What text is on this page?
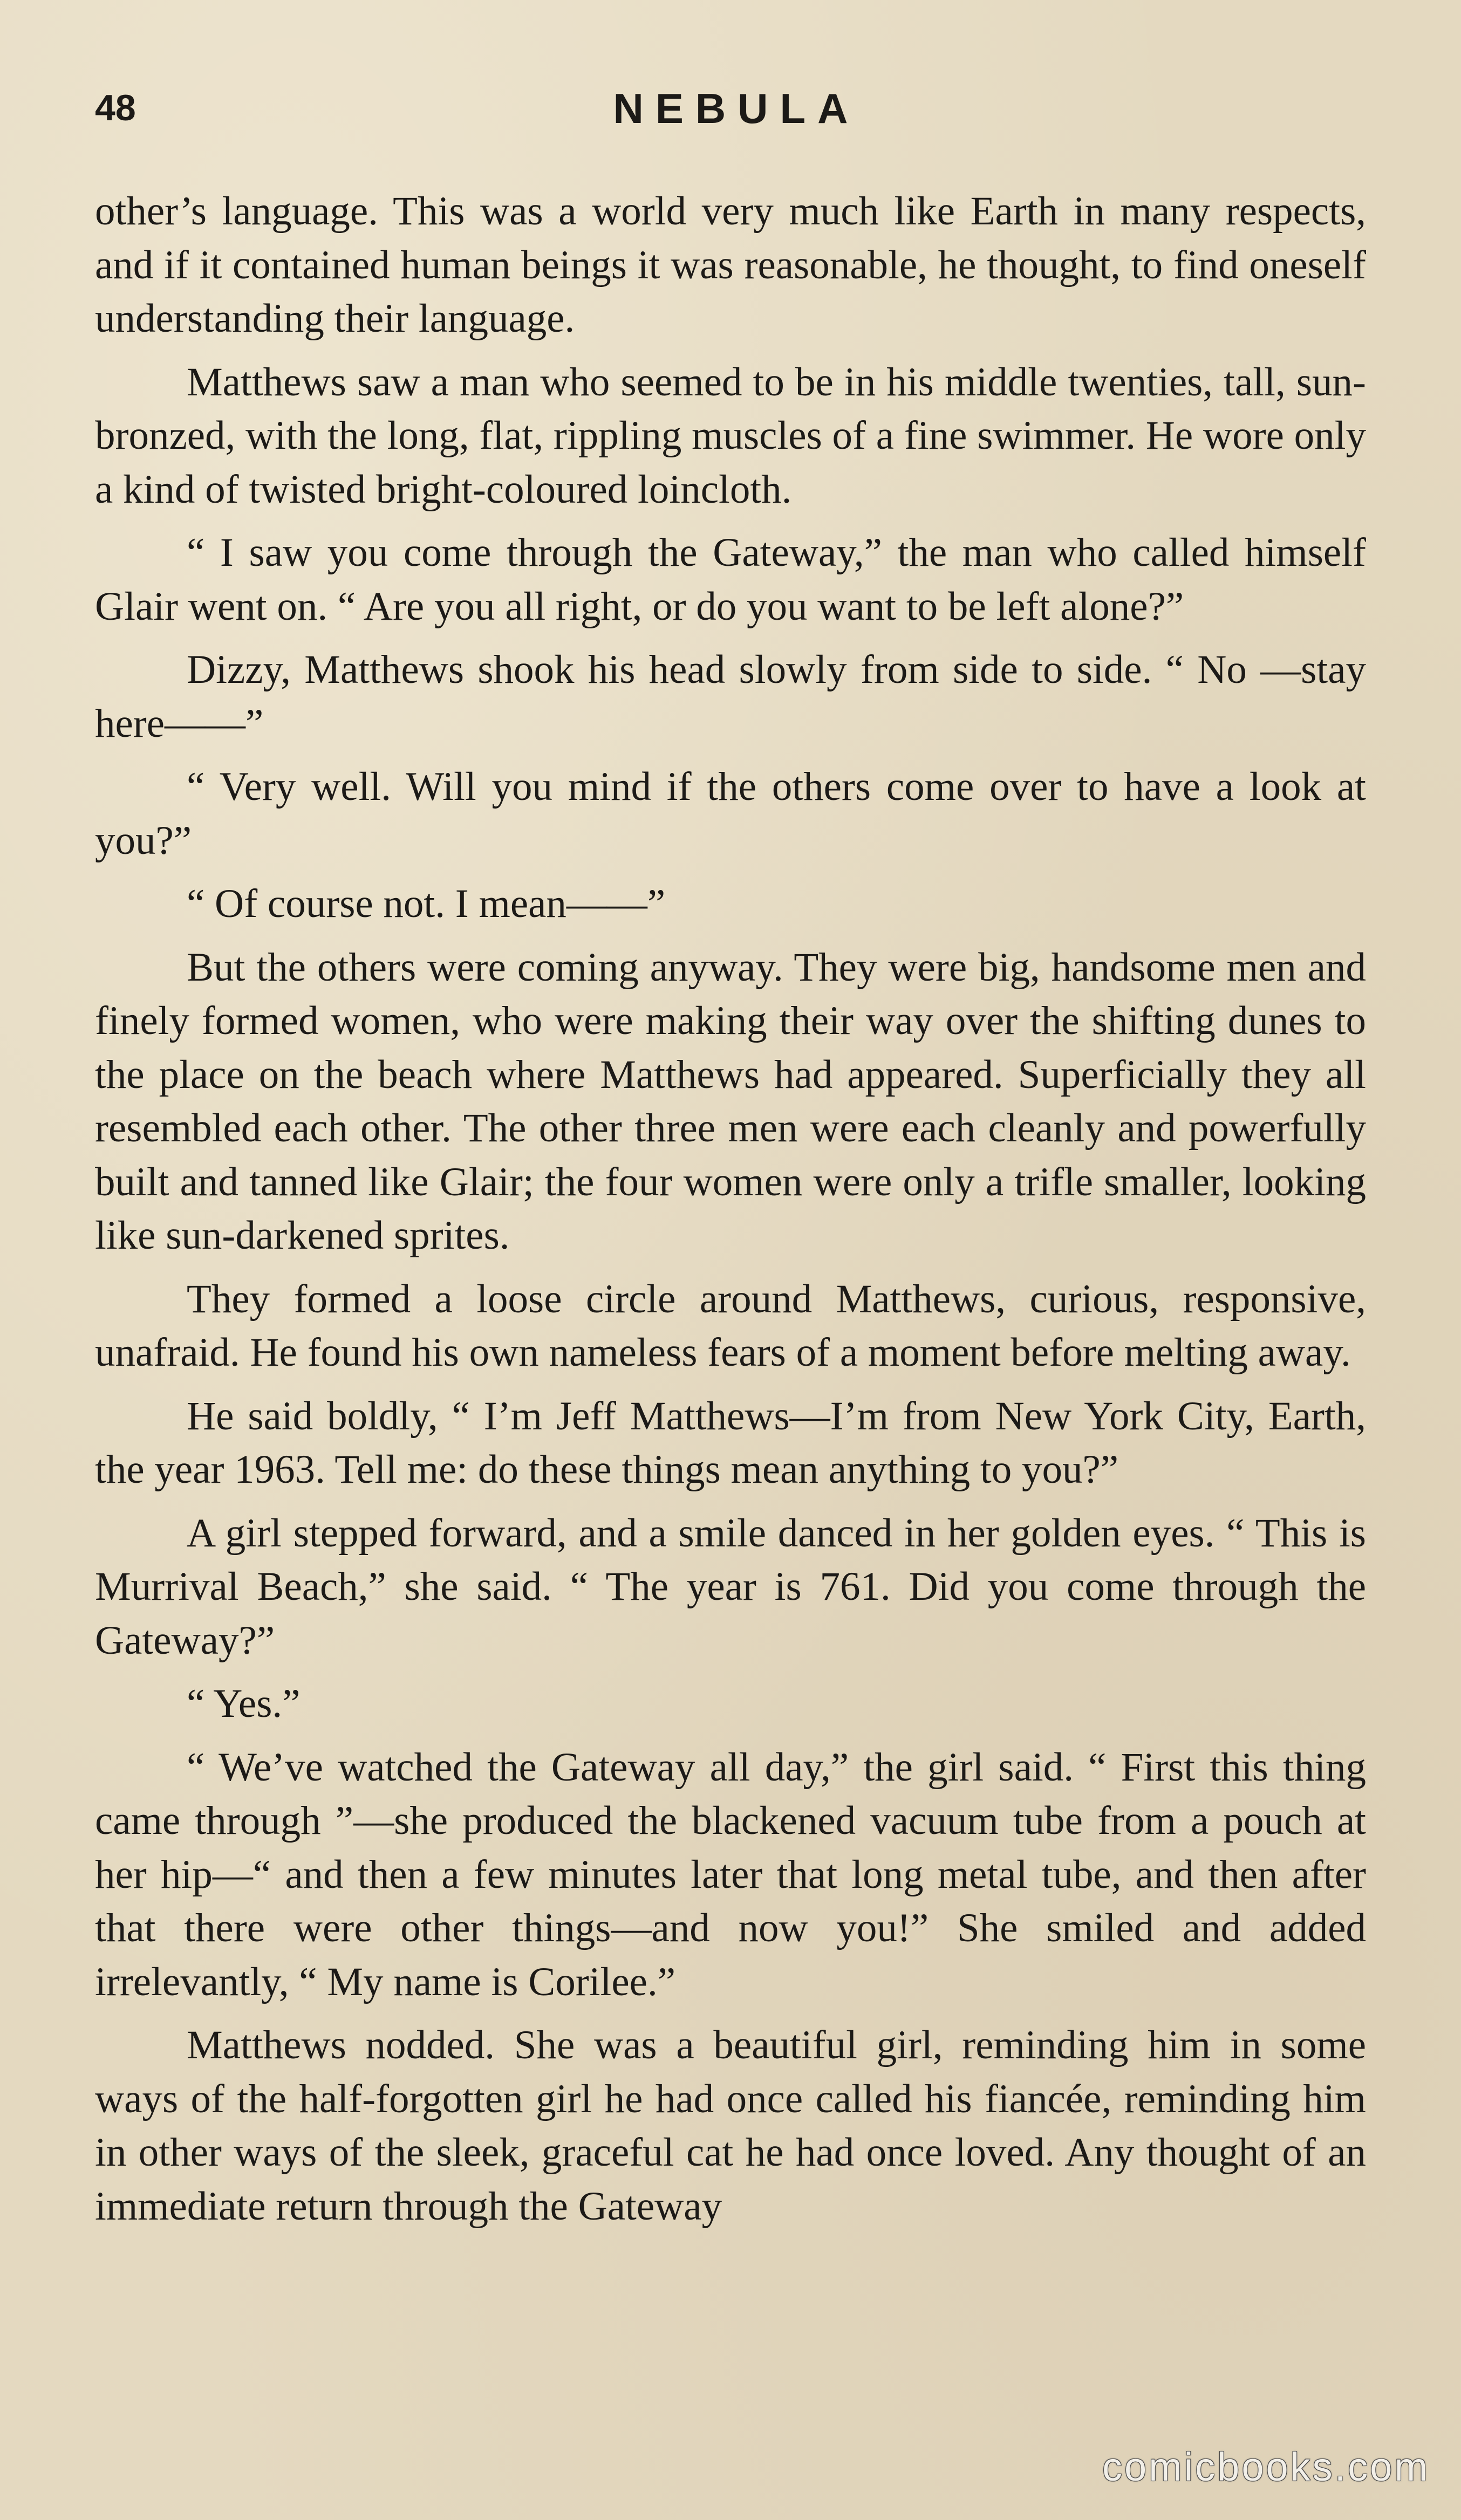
48	NEBULA

other’s language. This was a world very much like Earth in many respects, and if it contained human beings it was reasonable, he thought, to find oneself understanding their language.

Matthews saw a man who seemed to be in his middle twenties, tall, sun-bronzed, with the long, flat, rippling muscles of a fine swimmer. He wore only a kind of twisted bright-coloured loincloth.

“ I saw you come through the Gateway,” the man who called himself Glair went on. “ Are you all right, or do you want to be left alone?”

Dizzy, Matthews shook his head slowly from side to side. “ No —stay here——”

“ Very well. Will you mind if the others come over to have a look at you?”

“ Of course not. I mean——”

But the others were coming anyway. They were big, handsome men and finely formed women, who were making their way over the shifting dunes to the place on the beach where Matthews had appeared. Superficially they all resembled each other. The other three men were each cleanly and powerfully built and tanned like Glair; the four women were only a trifle smaller, looking like sun-darkened sprites.

They formed a loose circle around Matthews, curious, responsive, unafraid. He found his own nameless fears of a moment before melting away.

He said boldly, “ I’m Jeff Matthews—I’m from New York City, Earth, the year 1963. Tell me: do these things mean anything to you?”

A girl stepped forward, and a smile danced in her golden eyes. “ This is Murrival Beach,” she said. “ The year is 761. Did you come through the Gateway?”

“ Yes.”

“ We’ve watched the Gateway all day,” the girl said. “ First this thing came through ”—she produced the blackened vacuum tube from a pouch at her hip—“ and then a few minutes later that long metal tube, and then after that there were other things—and now you!” She smiled and added irrelevantly, “ My name is Corilee.”

Matthews nodded. She was a beautiful girl, reminding him in some ways of the half-forgotten girl he had once called his fiancée, reminding him in other ways of the sleek, graceful cat he had once loved. Any thought of an immediate return through the Gateway

comicbooks.com
